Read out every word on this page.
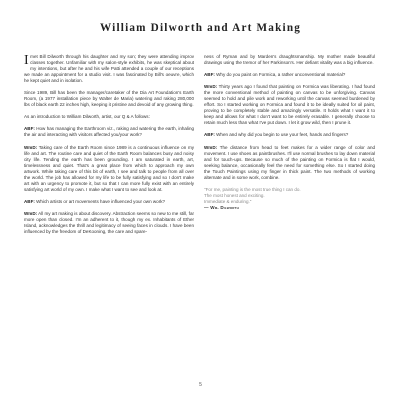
William Dilworth and Art Making

Imet Bill Dilworth through his daughter and my son; they were attending improv classes together. Unfamiliar with my salon-style exhibits, he was skeptical about my intentions, but after he and his wife Patti attended a couple of our receptions we made an appointment for a studio visit. I was fascinated by Bill's oeuvre, which he kept quiet and in isolation.

Since 1989, Bill has been the manager/caretaker of the Dia Art Foundation's Earth Room, (a 1977 installation piece by Walter de Maria) watering and raking 280,000 lbs of black earth 22 inches high, keeping it pristine and devoid of any growing thing.

As an introduction to William Dilworth, artist, our Q & A follows:

ABF: How has managing the Earthroom viz., raking and watering the earth, inhaling the air and interacting with visitors affected you/your work?

WmD: Taking care of the Earth Room since 1989 is a continuous influence on my life and art. The routine care and quiet of the Earth Room balances busy and noisy city life. Tending the earth has been grounding. I am saturated in earth, art, timelessness and quiet. That's a great place from which to approach my own artwork. While taking care of this bit of earth, I see and talk to people from all over the world. The job has allowed for my life to be fully satisfying and so I don't make art with an urgency to promote it, but so that I can more fully exist with an entirely satisfying art world of my own. I make what I want to see and look at.

ABF: Which artists or art movements have influenced your own work?

WmD: All my art making is about discovery. Abstraction seems so new to me still, far more open than closed. I'm an adherent to it, though my ex. Inhabitants of Ether Island, acknowledges the thrill and legitimacy of seeing faces in clouds. I have been influenced by the freedom of DeKooning, the care and spare-

ness of Ryman and by Marden's draughtsmanship. My mother made beautiful drawings using the tremor of her Parkinson's. Her defiant vitality was a big influence.

ABF: Why do you paint on Formica, a rather unconventional material?

WmD: Thirty years ago I found that painting on Formica was liberating. I had found the more conventional method of painting on canvas to be unforgiving. Canvas seemed to hold and pile work and reworking until the canvas seemed burdened by effort. So I started working on Formica and found it to be ideally suited for oil paint, proving to be completely stable and amazingly versatile. It holds what I want it to keep and allows for what I don't want to be entirely erasable. I generally choose to retain much less than what I've put down. I let it grow wild, then I prune it.

ABF: When and why did you begin to use your feet, hands and fingers?

WmD: The distance from head to feet makes for a wider range of color and movement. I use shoes as paintbrushes. I'll use normal brushes to lay down material and for touch-ups. Because so much of the painting on Formica is flat I would, seeking balance, occasionally feel the need for something else. So I started doing the Touch Paintings using my finger in thick paint. The two methods of working alternate and in some work, combine.

"For me, painting is the most true thing I can do.
The most honest and exciting.
Immediate & enduring."
— Wm. Dilworth
5
